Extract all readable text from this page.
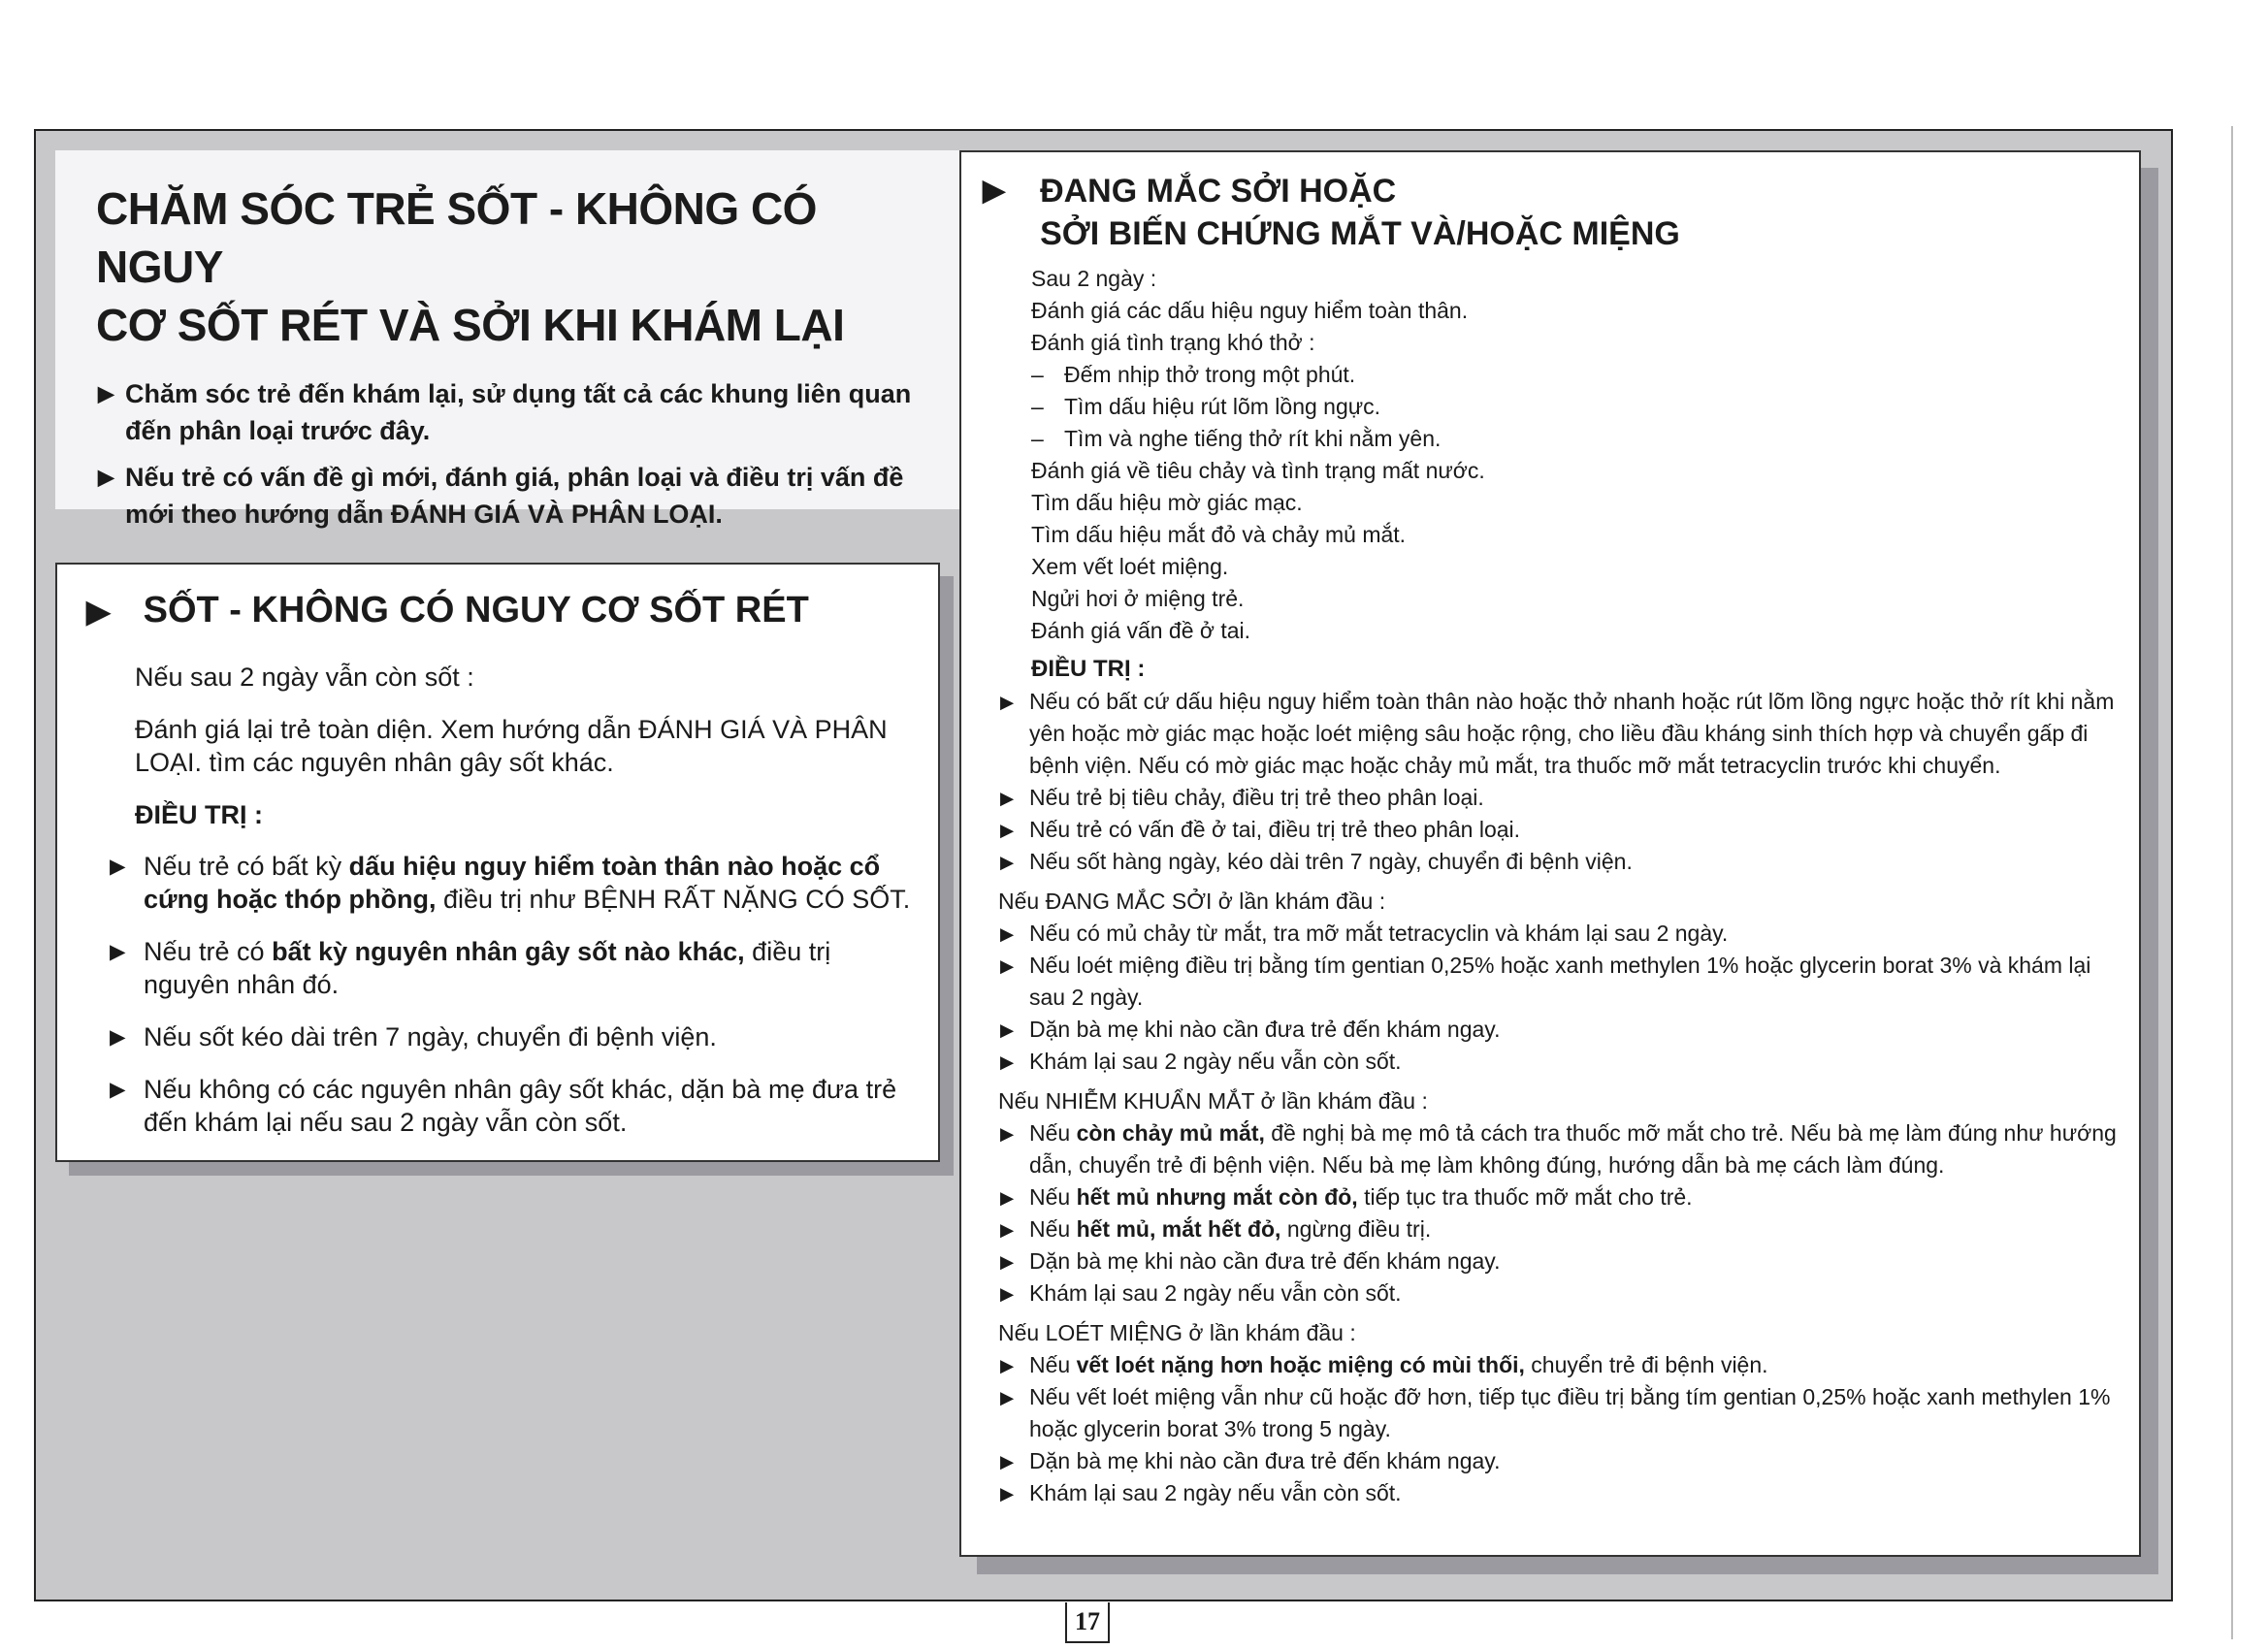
CHĂM SÓC TRẺ SỐT - KHÔNG CÓ NGUY
CƠ SỐT RÉT VÀ SỞI KHI KHÁM LẠI
▶ Chăm sóc trẻ đến khám lại, sử dụng tất cả các khung liên quan đến phân loại trước đây.
▶ Nếu trẻ có vấn đề gì mới, đánh giá, phân loại và điều trị vấn đề mới theo hướng dẫn ĐÁNH GIÁ VÀ PHÂN LOẠI.
▶ SỐT - KHÔNG CÓ NGUY CƠ SỐT RÉT

Nếu sau 2 ngày vẫn còn sốt :

Đánh giá lại trẻ toàn diện. Xem hướng dẫn ĐÁNH GIÁ VÀ PHÂN LOẠI. tìm các nguyên nhân gây sốt khác.

ĐIỀU TRỊ :

▶ Nếu trẻ có bất kỳ dấu hiệu nguy hiểm toàn thân nào hoặc cổ cứng hoặc thóp phồng, điều trị như BỆNH RẤT NẶNG CÓ SỐT.
▶ Nếu trẻ có bất kỳ nguyên nhân gây sốt nào khác, điều trị nguyên nhân đó.
▶ Nếu sốt kéo dài trên 7 ngày, chuyển đi bệnh viện.
▶ Nếu không có các nguyên nhân gây sốt khác, dặn bà mẹ đưa trẻ đến khám lại nếu sau 2 ngày vẫn còn sốt.
▶ ĐANG MẮC SỞI HOẶC
SỞI BIẾN CHỨNG MẮT VÀ/HOẶC MIỆNG
Sau 2 ngày :
Đánh giá các dấu hiệu nguy hiểm toàn thân.
Đánh giá tình trạng khó thở :
– Đếm nhịp thở trong một phút.
– Tìm dấu hiệu rút lõm lồng ngực.
– Tìm và nghe tiếng thở rít khi nằm yên.
Đánh giá về tiêu chảy và tình trạng mất nước.
Tìm dấu hiệu mờ giác mạc.
Tìm dấu hiệu mắt đỏ và chảy mủ mắt.
Xem vết loét miệng.
Ngửi hơi ở miệng trẻ.
Đánh giá vấn đề ở tai.
ĐIỀU TRỊ :
▶ Nếu có bất cứ dấu hiệu nguy hiểm toàn thân nào hoặc thở nhanh hoặc rút lõm lồng ngực hoặc thở rít khi nằm yên hoặc mờ giác mạc hoặc loét miệng sâu hoặc rộng, cho liều đầu kháng sinh thích hợp và chuyển gấp đi bệnh viện. Nếu có mờ giác mạc hoặc chảy mủ mắt, tra thuốc mỡ mắt tetracyclin trước khi chuyển.
▶ Nếu trẻ bị tiêu chảy, điều trị trẻ theo phân loại.
▶ Nếu trẻ có vấn đề ở tai, điều trị trẻ theo phân loại.
▶ Nếu sốt hàng ngày, kéo dài trên 7 ngày, chuyển đi bệnh viện.
Nếu ĐANG MẮC SỞI ở lần khám đầu :
▶ Nếu có mủ chảy từ mắt, tra mỡ mắt tetracyclin và khám lại sau 2 ngày.
▶ Nếu loét miệng điều trị bằng tím gentian 0,25% hoặc xanh methylen 1% hoặc glycerin borat 3% và khám lại sau 2 ngày.
▶ Dặn bà mẹ khi nào cần đưa trẻ đến khám ngay.
▶ Khám lại sau 2 ngày nếu vẫn còn sốt.
Nếu NHIỄM KHUẨN MẮT ở lần khám đầu :
▶ Nếu còn chảy mủ mắt, đề nghị bà mẹ mô tả cách tra thuốc mỡ mắt cho trẻ. Nếu bà mẹ làm đúng như hướng dẫn, chuyển trẻ đi bệnh viện. Nếu bà mẹ làm không đúng, hướng dẫn bà mẹ cách làm đúng.
▶ Nếu hết mủ nhưng mắt còn đỏ, tiếp tục tra thuốc mỡ mắt cho trẻ.
▶ Nếu hết mủ, mắt hết đỏ, ngừng điều trị.
▶ Dặn bà mẹ khi nào cần đưa trẻ đến khám ngay.
▶ Khám lại sau 2 ngày nếu vẫn còn sốt.
Nếu LOÉT MIỆNG ở lần khám đầu :
▶ Nếu vết loét nặng hơn hoặc miệng có mùi thối, chuyển trẻ đi bệnh viện.
▶ Nếu vết loét miệng vẫn như cũ hoặc đỡ hơn, tiếp tục điều trị bằng tím gentian 0,25% hoặc xanh methylen 1% hoặc glycerin borat 3% trong 5 ngày.
▶ Dặn bà mẹ khi nào cần đưa trẻ đến khám ngay.
▶ Khám lại sau 2 ngày nếu vẫn còn sốt.
17
